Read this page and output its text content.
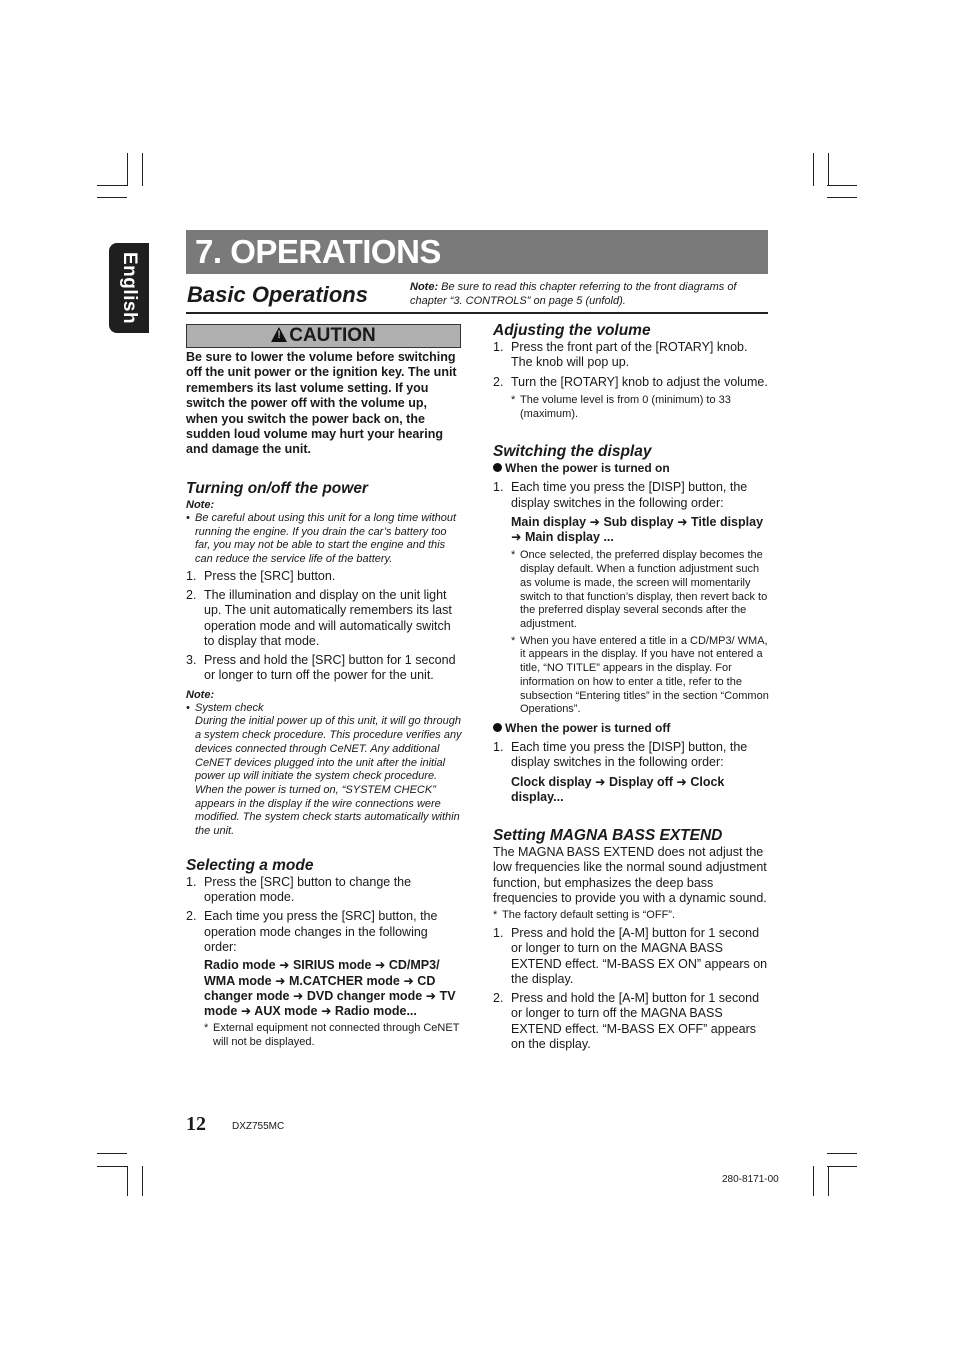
English
7. OPERATIONS
Basic Operations	Note: Be sure to read this chapter referring to the front diagrams of chapter “3. CONTROLS” on page 5 (unfold).
!CAUTION

Be sure to lower the volume before switching off the unit power or the ignition key. The unit remembers its last volume setting. If you switch the power off with the volume up, when you switch the power back on, the sudden loud volume may hurt your hearing and damage the unit.

Turning on/off the power

Note:

• Be careful about using this unit for a long time without running the engine. If you drain the car’s battery too far, you may not be able to start the engine and this can reduce the service life of the battery.
1. Press the [SRC] button.
2. The illumination and display on the unit light up. The unit automatically remembers its last operation mode and will automatically switch to display that mode.
3. Press and hold the [SRC] button for 1 second or longer to turn off the power for the unit.

Note:

• System check

During the initial power up of this unit, it will go through a system check procedure. This procedure verifies any devices connected through CeNET. Any additional CeNET devices plugged into the unit after the initial power up will initiate the system check procedure. When the power is turned on, “SYSTEM CHECK” appears in the display if the wire connections were modified. The system check starts automatically within the unit.

Selecting a mode

1. Press the [SRC] button to change the operation mode.
2. Each time you press the [SRC] button, the operation mode changes in the following order:

Radio mode ➜ SIRIUS mode ➜ CD/MP3/ WMA mode ➜ M.CATCHER mode ➜ CD changer mode ➜ DVD changer mode ➜ TV mode ➜ AUX mode ➜ Radio mode...

* External equipment not connected through CeNET will not be displayed.

Adjusting the volume

1. Press the front part of the [ROTARY] knob. The knob will pop up.
2. Turn the [ROTARY] knob to adjust the volume.
* The volume level is from 0 (minimum) to 33 (maximum).

Switching the display

When the power is turned on

1. Each time you press the [DISP] button, the display switches in the following order:

Main display ➜ Sub display ➜ Title display ➜ Main display ...

* Once selected, the preferred display becomes the display default. When a function adjustment such as volume is made, the screen will momentarily switch to that function’s display, then revert back to the preferred display several seconds after the adjustment.
* When you have entered a title in a CD/MP3/ WMA, it appears in the display. If you have not entered a title, “NO TITLE” appears in the display. For information on how to enter a title, refer to the subsection “Entering titles” in the section “Common Operations”.

When the power is turned off

1. Each time you press the [DISP] button, the display switches in the following order:

Clock display ➜ Display off ➜ Clock display...

Setting MAGNA BASS EXTEND

The MAGNA BASS EXTEND does not adjust the low frequencies like the normal sound adjustment function, but emphasizes the deep bass frequencies to provide you with a dynamic sound.

* The factory default setting is “OFF”.
1. Press and hold the [A-M] button for 1 second or longer to turn on the MAGNA BASS EXTEND effect. “M-BASS EX ON” appears on the display.
2. Press and hold the [A-M] button for 1 second or longer to turn off the MAGNA BASS EXTEND effect. “M-BASS EX OFF” appears on the display.
12	DXZ755MC
280-8171-00
